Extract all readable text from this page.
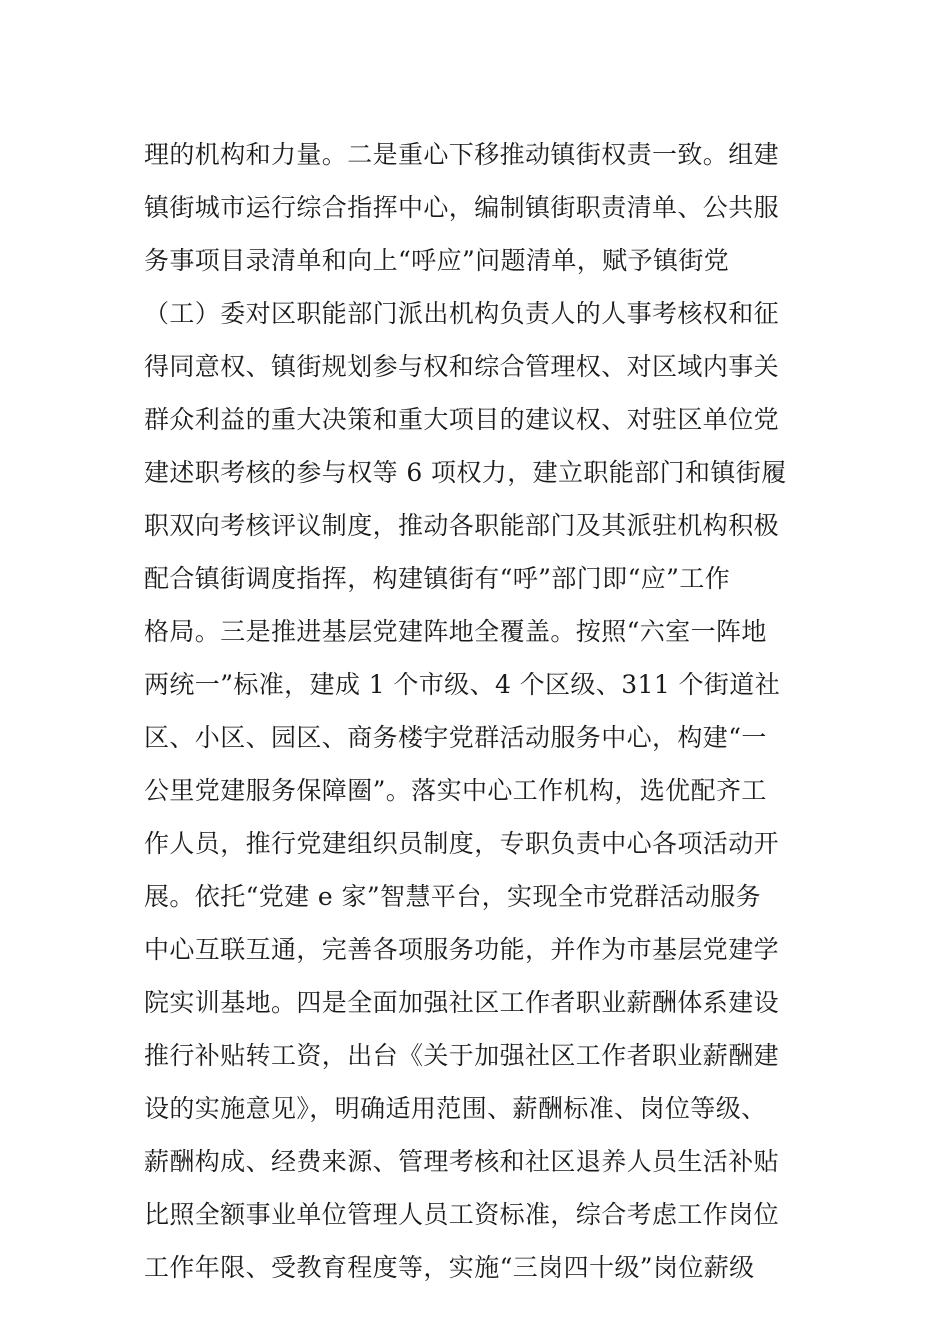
理的机构和力量。二是重心下移推动镇街权责一致。组建
镇街城市运行综合指挥中心，编制镇街职责清单、公共服
务事项目录清单和向上“呼应”问题清单，赋予镇街党
（工）委对区职能部门派出机构负责人的人事考核权和征
得同意权、镇街规划参与权和综合管理权、对区域内事关
群众利益的重大决策和重大项目的建议权、对驻区单位党
建述职考核的参与权等 6 项权力，建立职能部门和镇街履
职双向考核评议制度，推动各职能部门及其派驻机构积极
配合镇街调度指挥，构建镇街有“呼”部门即“应”工作
格局。三是推进基层党建阵地全覆盖。按照“六室一阵地
两统一”标准，建成 1 个市级、4 个区级、311 个街道社
区、小区、园区、商务楼宇党群活动服务中心，构建“一
公里党建服务保障圈”。落实中心工作机构，选优配齐工
作人员，推行党建组织员制度，专职负责中心各项活动开
展。依托“党建 e 家”智慧平台，实现全市党群活动服务
中心互联互通，完善各项服务功能，并作为市基层党建学
院实训基地。四是全面加强社区工作者职业薪酬体系建设
推行补贴转工资，出台《关于加强社区工作者职业薪酬建
设的实施意见》，明确适用范围、薪酬标准、岗位等级、
薪酬构成、经费来源、管理考核和社区退养人员生活补贴
比照全额事业单位管理人员工资标准，综合考虑工作岗位
工作年限、受教育程度等，实施“三岗四十级”岗位薪级
